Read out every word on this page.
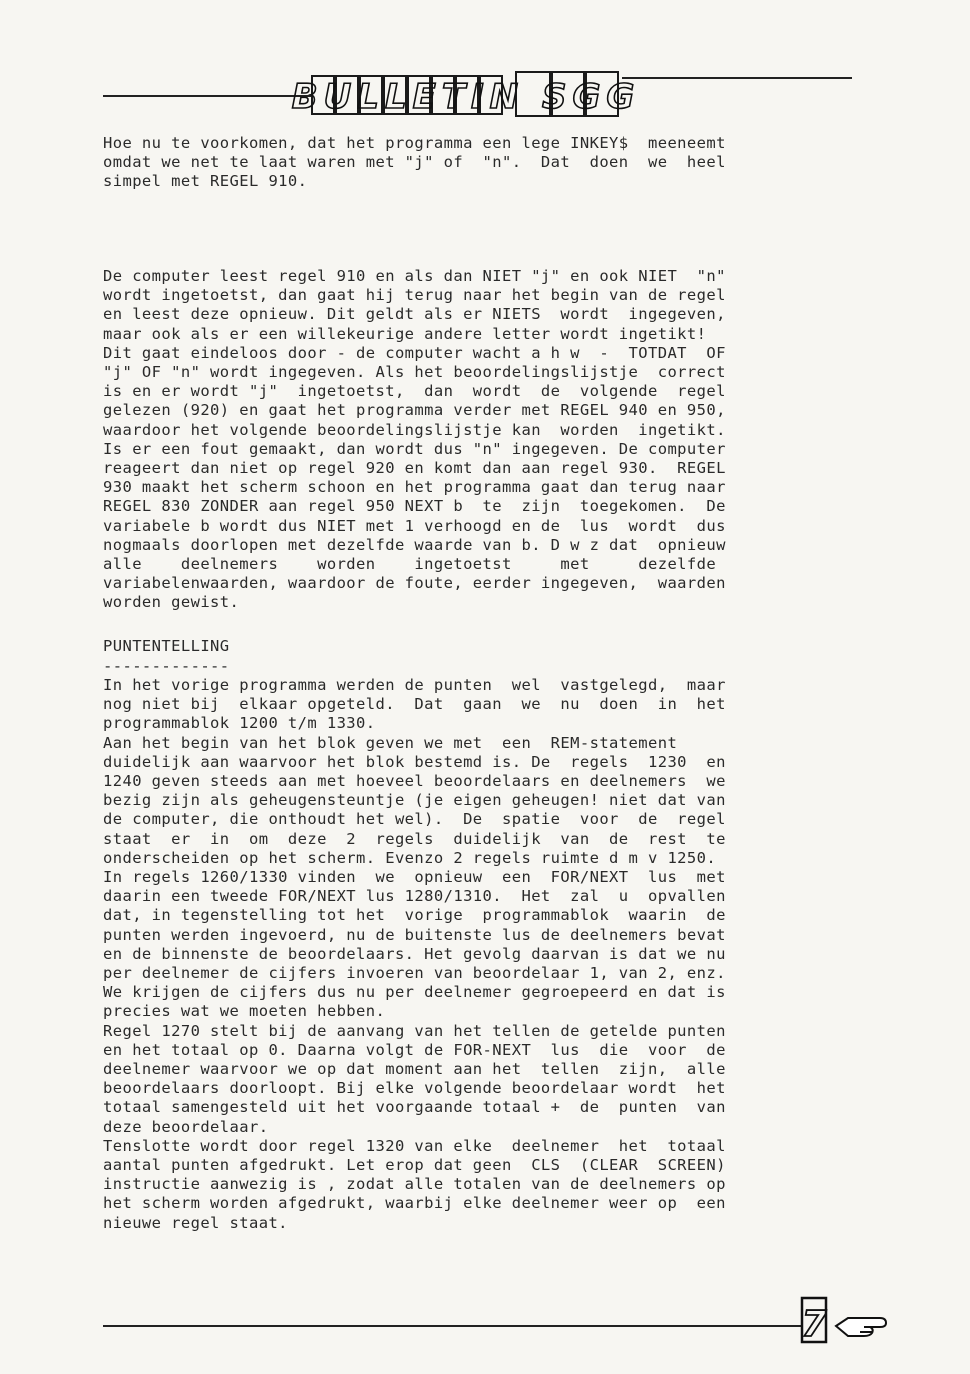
BULLETIN SGG

Hoe nu te voorkomen, dat het programma een lege INKEY$  meeneemt

omdat we net te laat waren met "j" of  "n".  Dat  doen  we  heel

simpel met REGEL 910.

De computer leest regel 910 en als dan NIET "j" en ook NIET  "n"

wordt ingetoetst, dan gaat hij terug naar het begin van de regel

en leest deze opnieuw. Dit geldt als er NIETS  wordt  ingegeven,

maar ook als er een willekeurige andere letter wordt ingetikt!

Dit gaat eindeloos door - de computer wacht a h w  -  TOTDAT  OF

"j" OF "n" wordt ingegeven. Als het beoordelingslijstje  correct

is en er wordt "j"  ingetoetst,  dan  wordt  de  volgende  regel

gelezen (920) en gaat het programma verder met REGEL 940 en 950,

waardoor het volgende beoordelingslijstje kan  worden  ingetikt.

Is er een fout gemaakt, dan wordt dus "n" ingegeven. De computer

reageert dan niet op regel 920 en komt dan aan regel 930.  REGEL

930 maakt het scherm schoon en het programma gaat dan terug naar

REGEL 830 ZONDER aan regel 950 NEXT b  te  zijn  toegekomen.  De

variabele b wordt dus NIET met 1 verhoogd en de  lus  wordt  dus

nogmaals doorlopen met dezelfde waarde van b. D w z dat  opnieuw

alle    deelnemers    worden    ingetoetst     met     dezelfde

variabelenwaarden, waardoor de foute, eerder ingegeven,  waarden

worden gewist.

PUNTENTELLING
-------------

In het vorige programma werden de punten  wel  vastgelegd,  maar

nog niet bij  elkaar opgeteld.  Dat  gaan  we  nu  doen  in  het

programmablok 1200 t/m 1330.

Aan het begin van het blok geven we met  een  REM-statement

duidelijk aan waarvoor het blok bestemd is. De  regels  1230  en

1240 geven steeds aan met hoeveel beoordelaars en deelnemers  we

bezig zijn als geheugensteuntje (je eigen geheugen! niet dat van

de computer, die onthoudt het wel).  De  spatie  voor  de  regel

staat  er  in  om  deze  2  regels  duidelijk  van  de  rest  te

onderscheiden op het scherm. Evenzo 2 regels ruimte d m v 1250.

In regels 1260/1330 vinden  we  opnieuw  een  FOR/NEXT  lus  met

daarin een tweede FOR/NEXT lus 1280/1310.  Het  zal  u  opvallen

dat, in tegenstelling tot het  vorige  programmablok  waarin  de

punten werden ingevoerd, nu de buitenste lus de deelnemers bevat

en de binnenste de beoordelaars. Het gevolg daarvan is dat we nu

per deelnemer de cijfers invoeren van beoordelaar 1, van 2, enz.

We krijgen de cijfers dus nu per deelnemer gegroepeerd en dat is

precies wat we moeten hebben.

Regel 1270 stelt bij de aanvang van het tellen de getelde punten

en het totaal op 0. Daarna volgt de FOR-NEXT  lus  die  voor  de

deelnemer waarvoor we op dat moment aan het  tellen  zijn,  alle

beoordelaars doorloopt. Bij elke volgende beoordelaar wordt  het

totaal samengesteld uit het voorgaande totaal +  de  punten  van

deze beoordelaar.

Tenslotte wordt door regel 1320 van elke  deelnemer  het  totaal

aantal punten afgedrukt. Let erop dat geen  CLS  (CLEAR  SCREEN)

instructie aanwezig is , zodat alle totalen van de deelnemers op

het scherm worden afgedrukt, waarbij elke deelnemer weer op  een

nieuwe regel staat.

7
